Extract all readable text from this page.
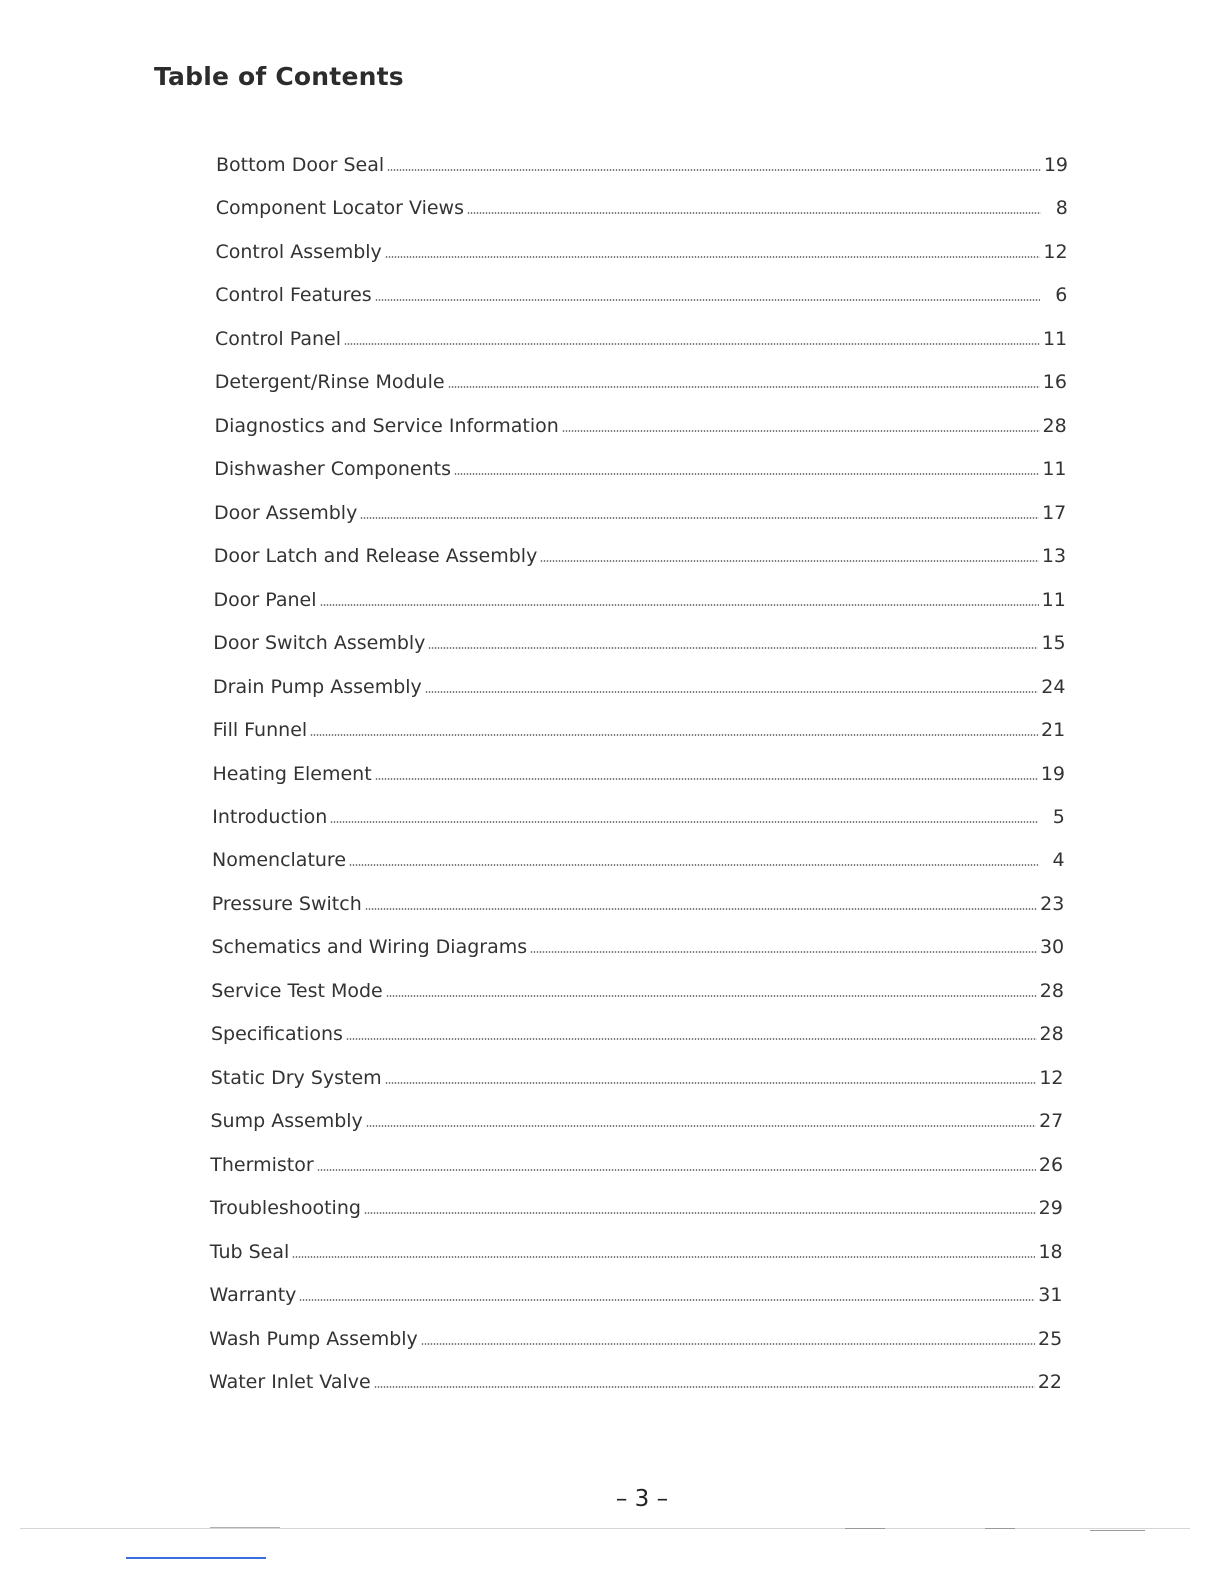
Table of Contents
Bottom Door Seal	19
Component Locator Views	8
Control Assembly	12
Control Features	6
Control Panel	11
Detergent/Rinse Module	16
Diagnostics and Service Information	28
Dishwasher Components	11
Door Assembly	17
Door Latch and Release Assembly	13
Door Panel	11
Door Switch Assembly	15
Drain Pump Assembly	24
Fill Funnel	21
Heating Element	19
Introduction	5
Nomenclature	4
Pressure Switch	23
Schematics and Wiring Diagrams	30
Service Test Mode	28
Specifications	28
Static Dry System	12
Sump Assembly	27
Thermistor	26
Troubleshooting	29
Tub Seal	18
Warranty	31
Wash Pump Assembly	25
Water Inlet Valve	22
– 3 –
